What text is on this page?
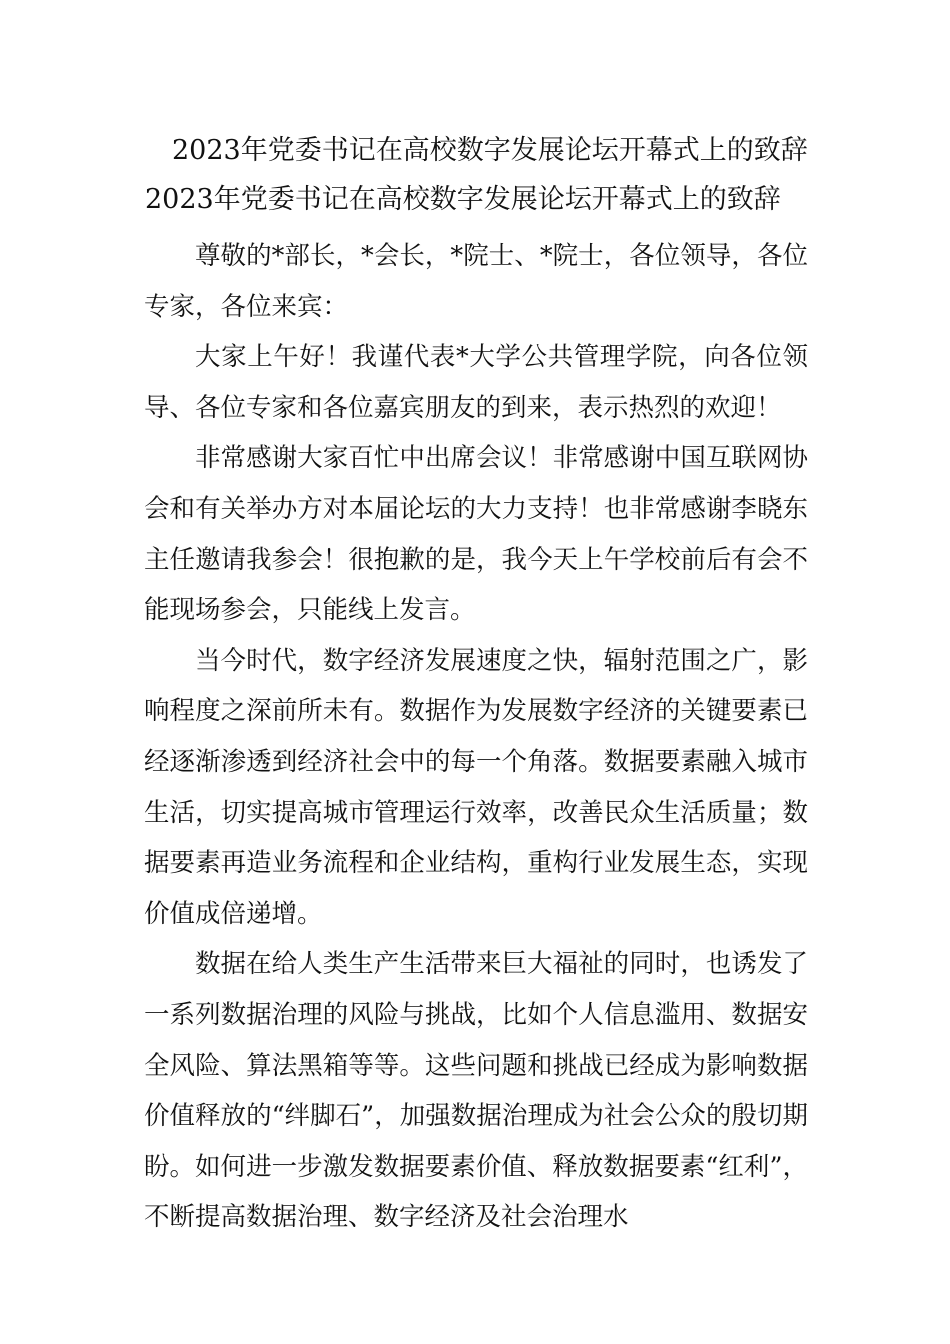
2023年党委书记在高校数字发展论坛开幕式上的致辞
2023年党委书记在高校数字发展论坛开幕式上的致辞

尊敬的*部长，*会长，*院士、*院士，各位领导，各位专家，各位来宾：

大家上午好！我谨代表*大学公共管理学院，向各位领导、各位专家和各位嘉宾朋友的到来，表示热烈的欢迎！

非常感谢大家百忙中出席会议！非常感谢中国互联网协会和有关举办方对本届论坛的大力支持！也非常感谢李晓东主任邀请我参会！很抱歉的是，我今天上午学校前后有会不能现场参会，只能线上发言。

当今时代，数字经济发展速度之快，辐射范围之广，影响程度之深前所未有。数据作为发展数字经济的关键要素已经逐渐渗透到经济社会中的每一个角落。数据要素融入城市生活，切实提高城市管理运行效率，改善民众生活质量；数据要素再造业务流程和企业结构，重构行业发展生态，实现价值成倍递增。

数据在给人类生产生活带来巨大福祉的同时，也诱发了一系列数据治理的风险与挑战，比如个人信息滥用、数据安全风险、算法黑箱等等。这些问题和挑战已经成为影响数据价值释放的“绊脚石”，加强数据治理成为社会公众的殷切期盼。如何进一步激发数据要素价值、释放数据要素“红利”，不断提高数据治理、数字经济及社会治理水
